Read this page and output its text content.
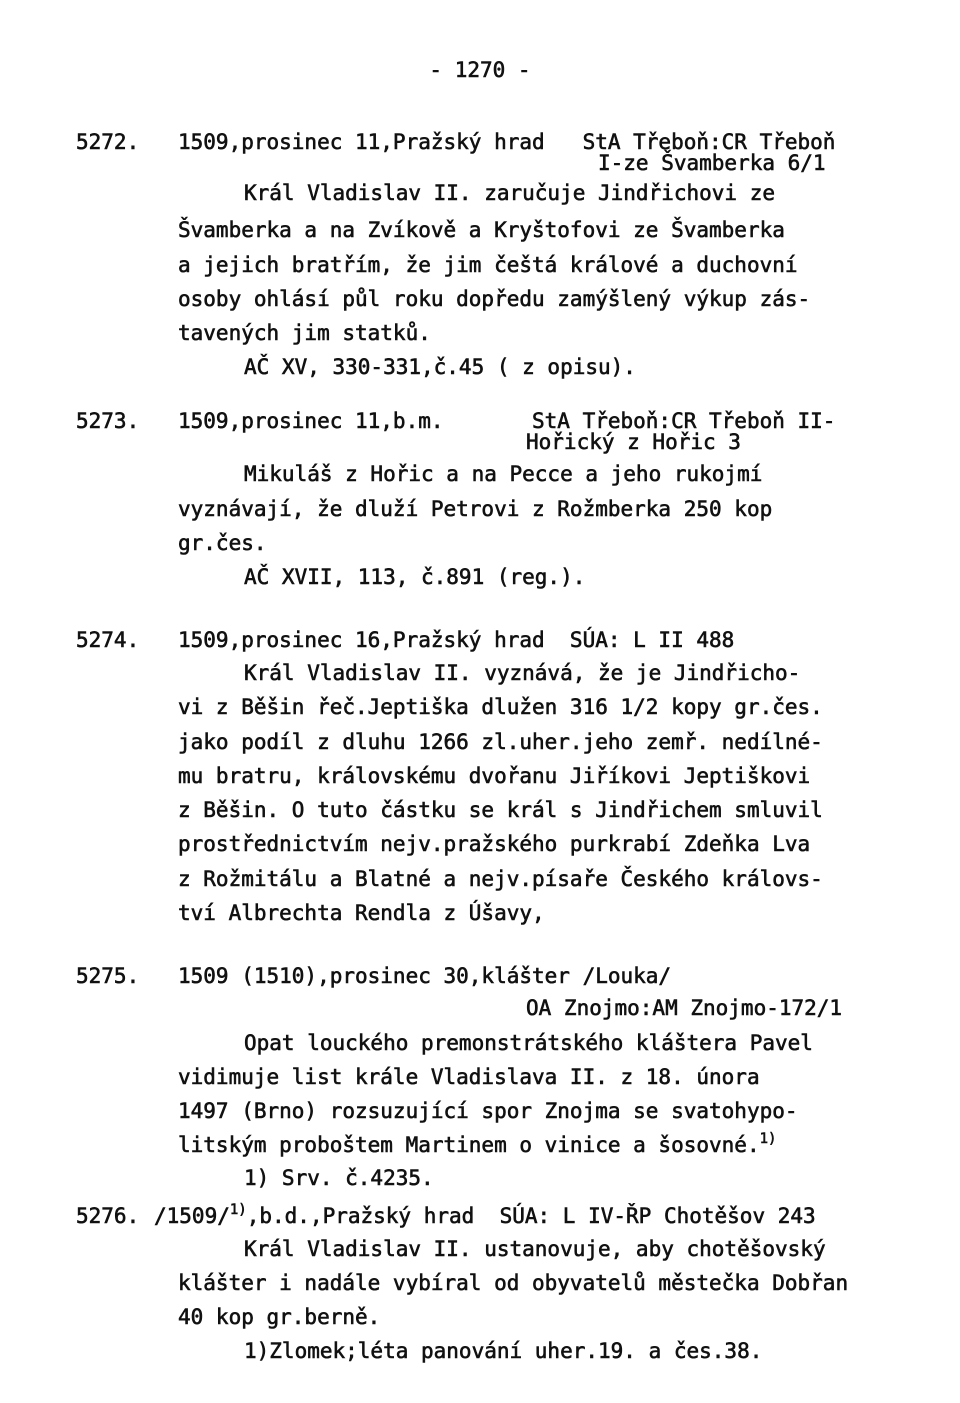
- 1270 -
5272. 1509,prosinec 11,Pražský hrad   StA Třeboň:CR Třeboň
I-ze Švamberka 6/1
Král Vladislav II. zaručuje Jindřichovi ze
Švamberka a na Zvíkově a Kryštofovi ze Švamberka
a jejich bratřím, že jim češtá králové a duchovní
osoby ohlásí půl roku dopředu zamýšlený výkup zás-
tavených jim statků.
AČ XV, 330-331,č.45 ( z opisu).
5273. 1509,prosinec 11,b.m.       StA Třeboň:CR Třeboň II-
Hořický z Hořic 3
Mikuláš z Hořic a na Pecce a jeho rukojmí
vyznávají, že dluží Petrovi z Rožmberka 250 kop
gr.čes.
AČ XVII, 113, č.891 (reg.).
5274. 1509,prosinec 16,Pražský hrad  SÚA: L II 488
Král Vladislav II. vyznává, že je Jindřicho-
vi z Běšin řeč.Jeptiška dlužen 316 1/2 kopy gr.čes.
jako podíl z dluhu 1266 zl.uher.jeho zemř. nedílné-
mu bratru, královskému dvořanu Jiříkovi Jeptiškovi
z Běšin. O tuto částku se král s Jindřichem smluvil
prostřednictvím nejv.pražského purkrabí Zdeňka Lva
z Rožmitálu a Blatné a nejv.písaře Českého královs-
tví Albrechta Rendla z Úšavy,
5275. 1509 (1510),prosinec 30,klášter /Louka/
OA Znojmo:AM Znojmo-172/1
Opat louckého premonstrátského kláštera Pavel
vidimuje list krále Vladislava II. z 18. února
1497 (Brno) rozsuzující spor Znojma se svatohypo-
litským proboštem Martinem o vinice a šosovné.$^{1)}$
1) Srv. č.4235.
5276. /1509/$^{1)}$,b.d.,Pražský hrad  SÚA: L IV-ŘP Chotěšov 243
Král Vladislav II. ustanovuje, aby chotěšovský
klášter i nadále vybíral od obyvatelů městečka Dobřan
40 kop gr.berně.
1)Zlomek;léta panování uher.19. a čes.38.
